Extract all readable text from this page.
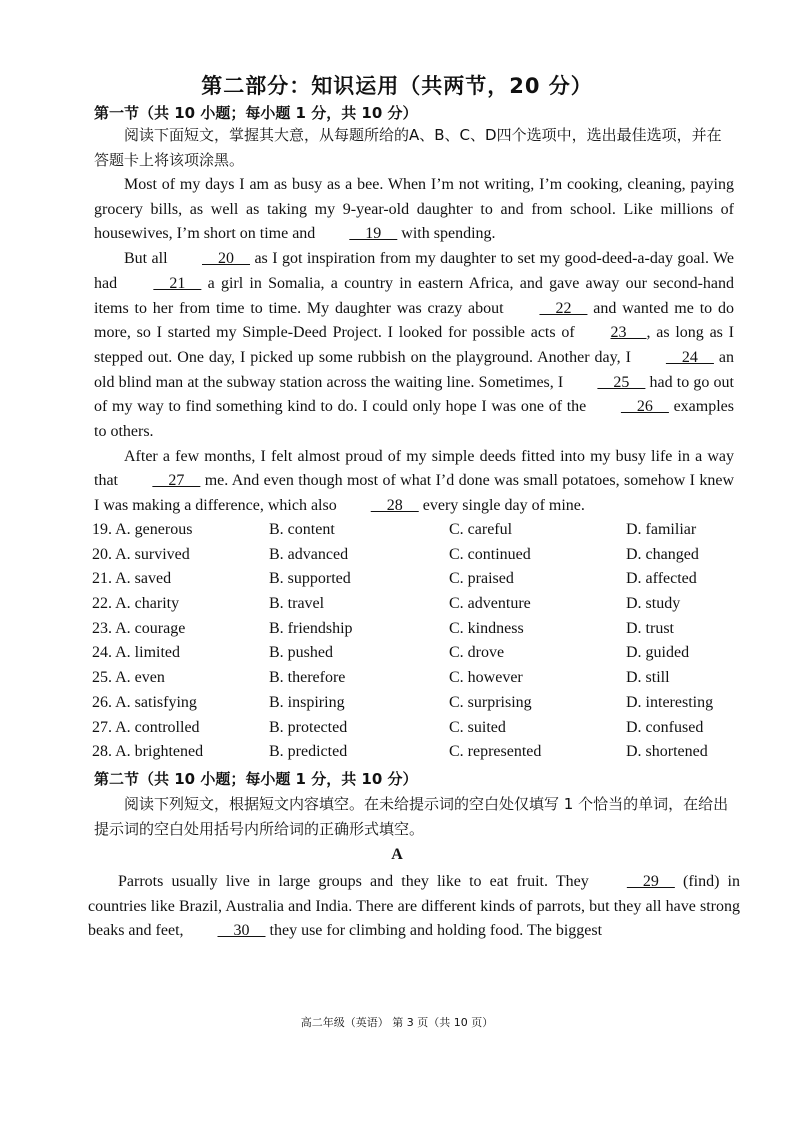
第二部分：知识运用（共两节，20 分）
第一节（共 10 小题；每小题 1 分，共 10 分）
阅读下面短文，掌握其大意，从每题所给的A、B、C、D四个选项中，选出最佳选项，并在答题卡上将该项涂黑。

Most of my days I am as busy as a bee. When I’m not writing, I’m cooking, cleaning, paying grocery bills, as well as taking my 9-year-old daughter to and from school. Like millions of housewives, I’m short on time and     19     with spending.

But all     20     as I got inspiration from my daughter to set my good-deed-a-day goal. We had     21     a girl in Somalia, a country in eastern Africa, and gave away our second-hand items to her from time to time. My daughter was crazy about     22     and wanted me to do more, so I started my Simple-Deed Project. I looked for possible acts of 23     , as long as I stepped out. One day, I picked up some rubbish on the playground. Another day, I     24     an old blind man at the subway station across the waiting line. Sometimes, I     25     had to go out of my way to find something kind to do. I could only hope I was one of the     26     examples to others.

After a few months, I felt almost proud of my simple deeds fitted into my busy life in a way that     27     me. And even though most of what I’d done was small potatoes, somehow I knew I was making a difference, which also     28     every single day of mine.

19. A. generous	B. content	C. careful	D. familiar
20. A. survived	B. advanced	C. continued	D. changed
21. A. saved	B. supported	C. praised	D. affected
22. A. charity	B. travel	C. adventure	D. study
23. A. courage	B. friendship	C. kindness	D. trust
24. A. limited	B. pushed	C. drove	D. guided
25. A. even	B. therefore	C. however	D. still
26. A. satisfying	B. inspiring	C. surprising	D. interesting
27. A. controlled	B. protected	C. suited	D. confused
28. A. brightened	B. predicted	C. represented	D. shortened
第二节（共 10 小题；每小题 1 分，共 10 分）
阅读下列短文，根据短文内容填空。在未给提示词的空白处仅填写 1 个恰当的单词，在给出提示词的空白处用括号内所给词的正确形式填空。
A

Parrots usually live in large groups and they like to eat fruit. They     29     (find) in countries like Brazil, Australia and India. There are different kinds of parrots, but they all have strong beaks and feet,     30     they use for climbing and holding food. The biggest

高二年级（英语） 第 3 页（共 10 页）
